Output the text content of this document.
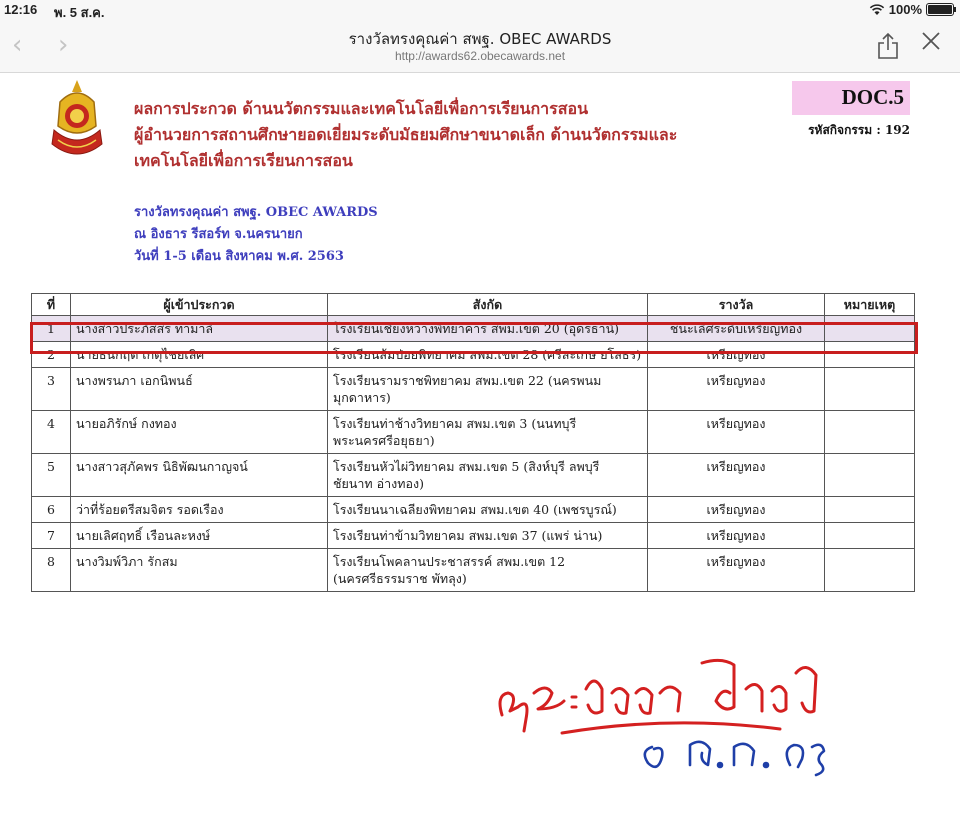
12:16 พ. 5 ส.ค.	100%
‹ ›	รางวัลทรงคุณค่า สพฐ. OBEC AWARDS
http://awards62.obecawards.net
ผลการประกวด ด้านนวัตกรรมและเทคโนโลยีเพื่อการเรียนการสอน
ผู้อำนวยการสถานศึกษายอดเยี่ยมระดับมัธยมศึกษาขนาดเล็ก ด้านนวัตกรรมและ
เทคโนโลยีเพื่อการเรียนการสอน
DOC.5
รหัสกิจกรรม : 192
รางวัลทรงคุณค่า สพฐ. OBEC AWARDS
ณ อิงธาร รีสอร์ท จ.นครนายก
วันที่ 1-5 เดือน สิงหาคม พ.ศ. 2563
ที่	ผู้เข้าประกวด	สังกัด	รางวัล	หมายเหตุ
1	นางสาวประภัสสร ทามาลี	โรงเรียนเชียงหวางพิทยาคาร สพม.เขต 20 (อุดรธานี)	ชนะเลิศระดับเหรียญทอง	
2	นายธนกฤต เกตุไชยเลิศ	โรงเรียนส้มป่อยพิทยาคม สพม.เขต 28 (ศรีสะเกษ ยโสธร)	เหรียญทอง	
3	นางพรนภา เอกนิพนธ์	โรงเรียนรามราชพิทยาคม สพม.เขต 22 (นครพนม มุกดาหาร)	เหรียญทอง	
4	นายอภิรักษ์ กงทอง	โรงเรียนท่าช้างวิทยาคม สพม.เขต 3 (นนทบุรี พระนครศรีอยุธยา)	เหรียญทอง	
5	นางสาวสุภัคพร นิธิพัฒนกาญจน์	โรงเรียนหัวไผ่วิทยาคม สพม.เขต 5 (สิงห์บุรี ลพบุรี ชัยนาท อ่างทอง)	เหรียญทอง	
6	ว่าที่ร้อยตรีสมจิตร รอดเรือง	โรงเรียนนาเฉลียงพิทยาคม สพม.เขต 40 (เพชรบูรณ์)	เหรียญทอง	
7	นายเลิศฤทธิ์ เรือนละหงษ์	โรงเรียนท่าข้ามวิทยาคม สพม.เขต 37 (แพร่ น่าน)	เหรียญทอง	
8	นางวิมพ์วิภา รักสม	โรงเรียนโพคลานประชาสรรค์ สพม.เขต 12 (นครศรีธรรมราช พัทลุง)	เหรียญทอง	
